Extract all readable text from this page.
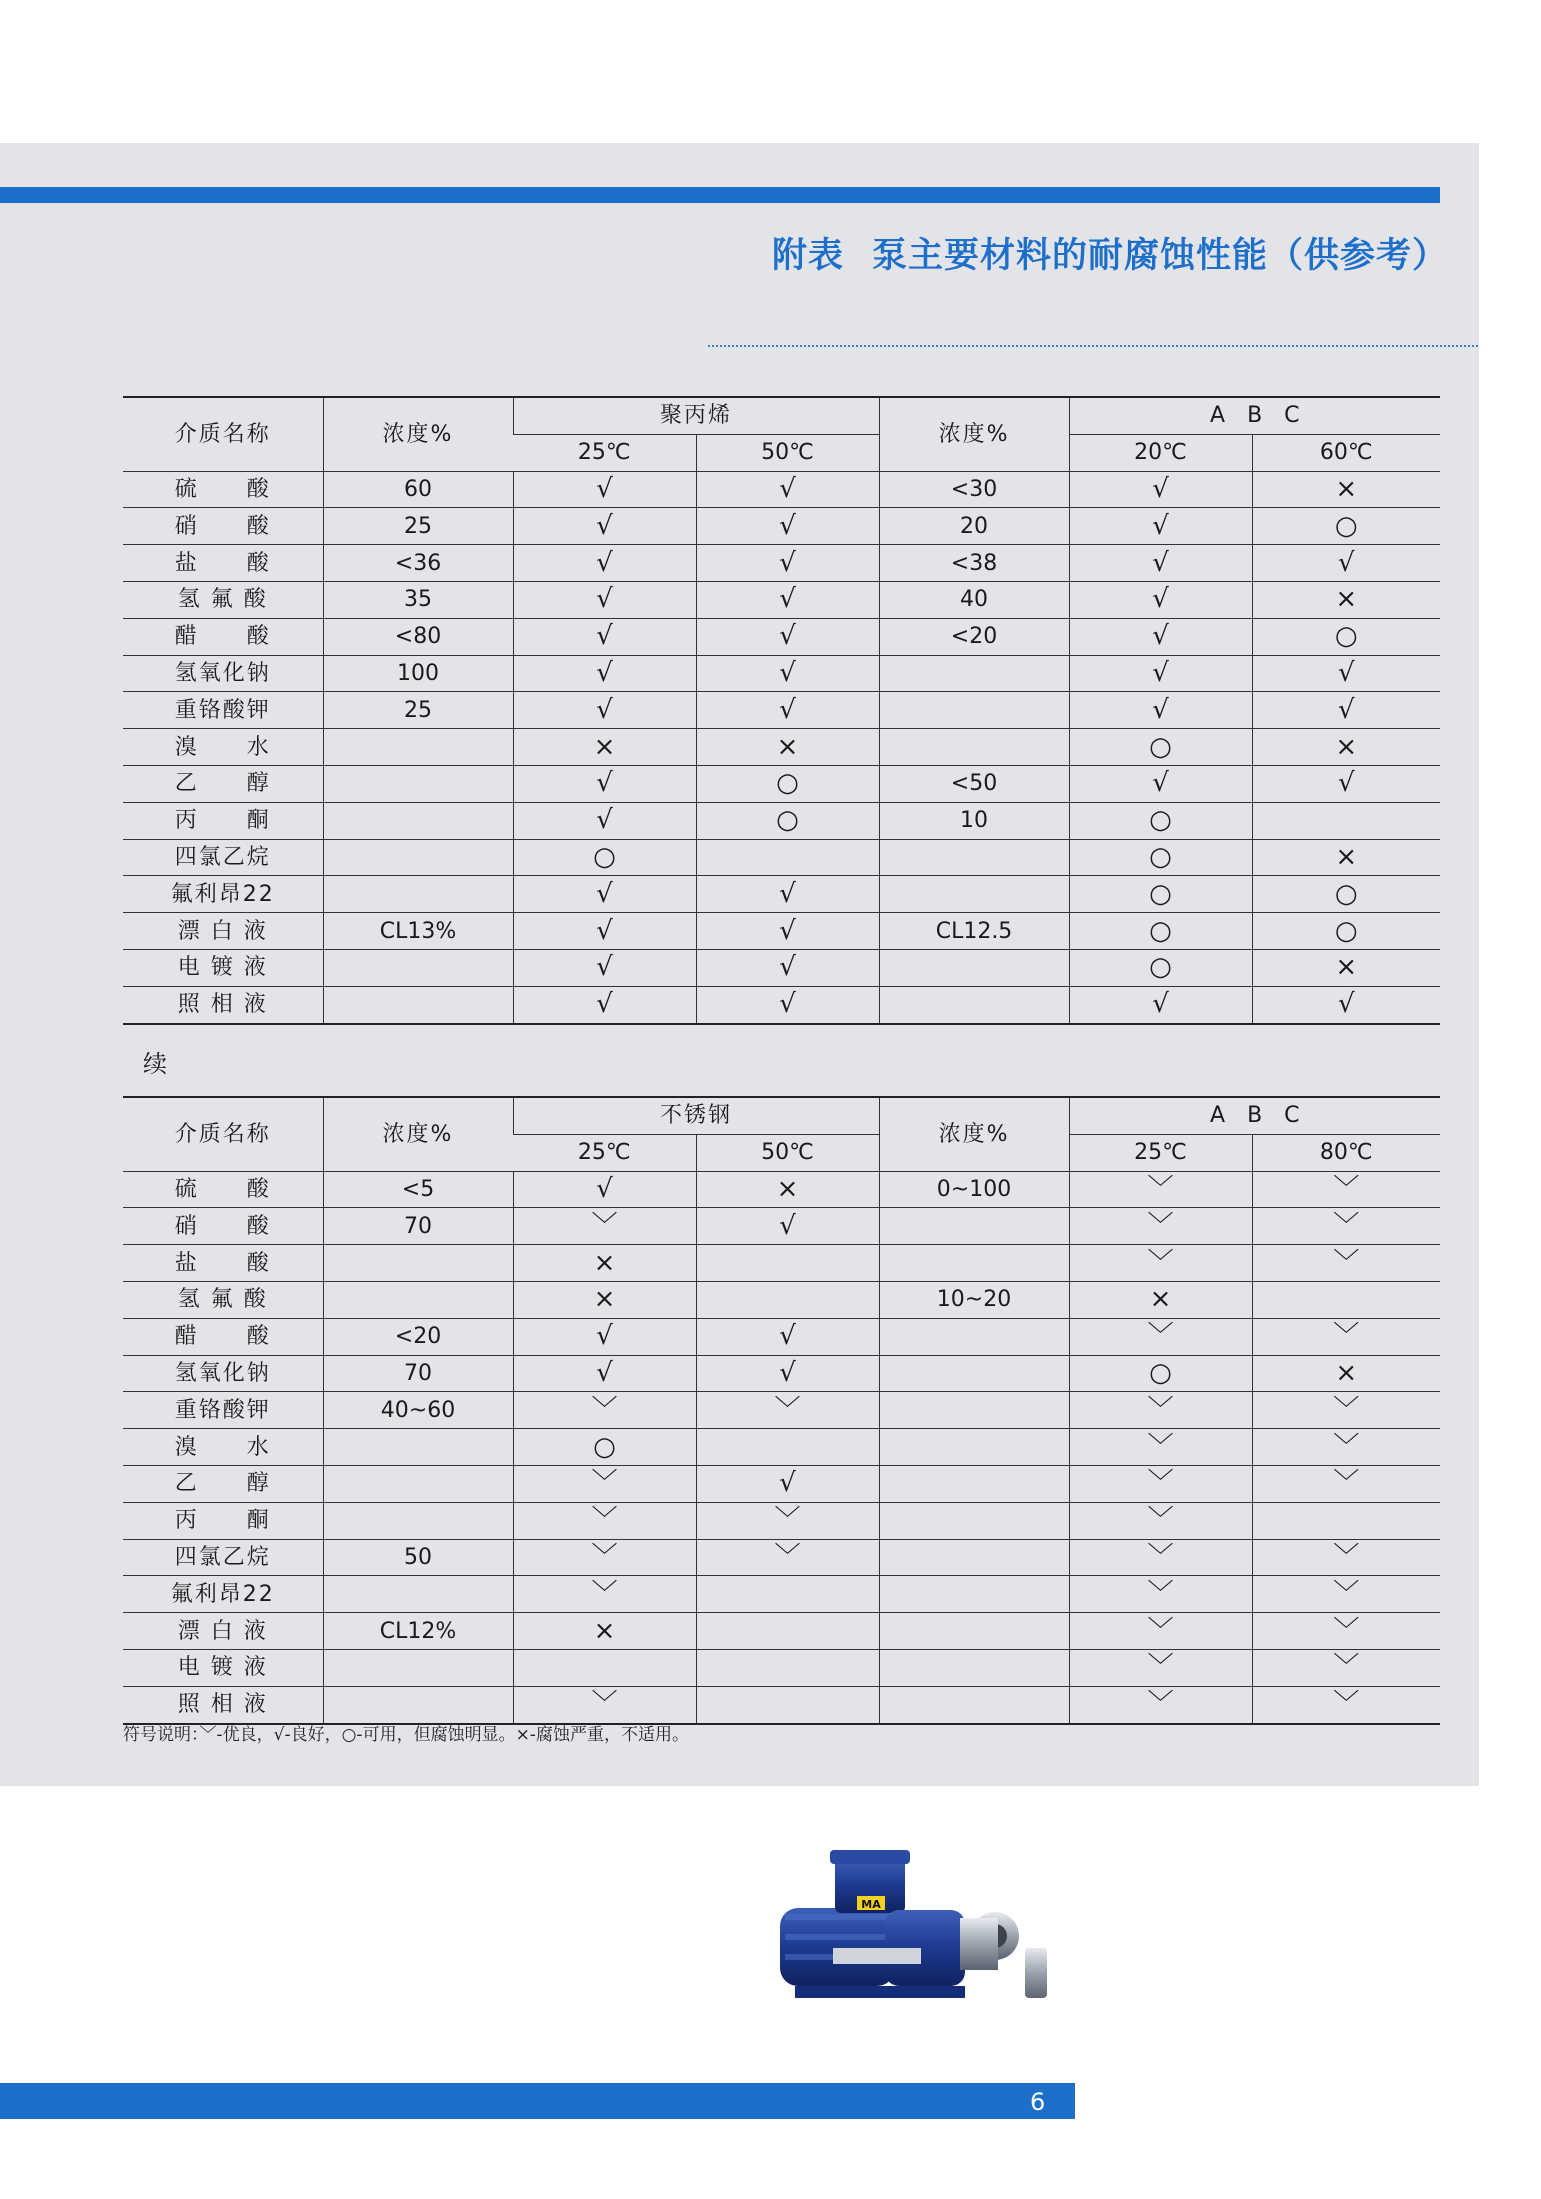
附表 泵主要材料的耐腐蚀性能（供参考）
介质名称	浓度%	聚丙烯		浓度%	A　B　C	
		25℃	50℃		20℃	60℃
硫　　酸	60	√	√	<30	√	×
硝　　酸	25	√	√	20	√	○
盐　　酸	<36	√	√	<38	√	√
氢 氟 酸	35	√	√	40	√	×
醋　　酸	<80	√	√	<20	√	○
氢氧化钠	100	√	√		√	√
重铬酸钾	25	√	√		√	√
溴　　水		×	×		○	×
乙　　醇		√	○	<50	√	√
丙　　酮		√	○	10	○	
四氯乙烷		○			○	×
氟利昂22		√	√		○	○
漂 白 液	CL13%	√	√	CL12.5	○	○
电 镀 液		√	√		○	×
照 相 液		√	√		√	√
续
介质名称	浓度%	不锈钢		浓度%	A　B　C	
		25℃	50℃		25℃	80℃
硫　　酸	<5	√	×	0~100	﹀	﹀
硝　　酸	70	﹀	√		﹀	﹀
盐　　酸		×			﹀	﹀
氢 氟 酸		×		10~20	×	
醋　　酸	<20	√	√		﹀	﹀
氢氧化钠	70	√	√		○	×
重铬酸钾	40~60	﹀	﹀		﹀	﹀
溴　　水		○			﹀	﹀
乙　　醇		﹀	√		﹀	﹀
丙　　酮		﹀	﹀		﹀	
四氯乙烷	50	﹀	﹀		﹀	﹀
氟利昂22		﹀			﹀	﹀
漂 白 液	CL12%	×			﹀	﹀
电 镀 液					﹀	﹀
照 相 液		﹀			﹀	﹀
符号说明：﹀-优良，√-良好，○-可用，但腐蚀明显。×-腐蚀严重，不适用。
MA
6
